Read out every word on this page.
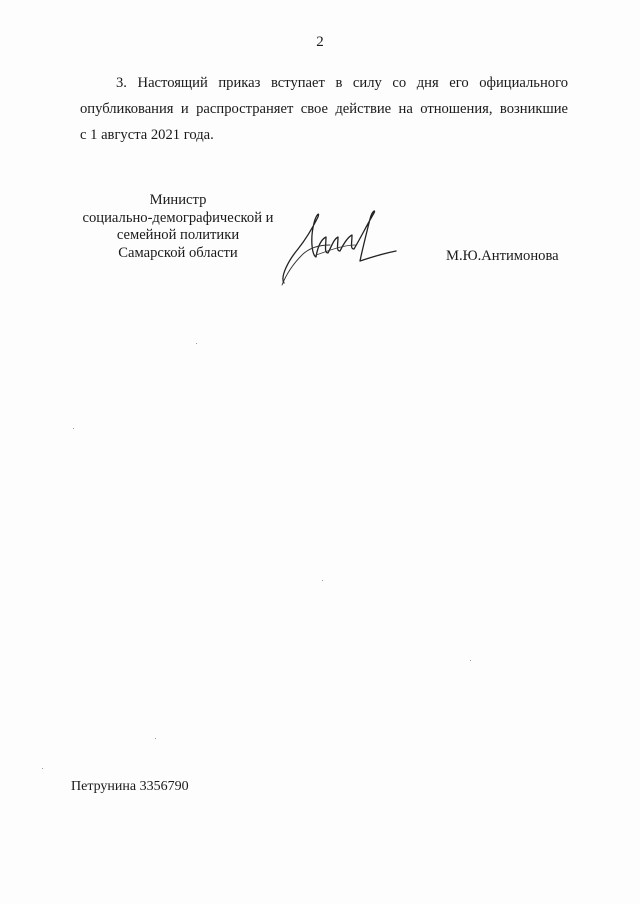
2
3. Настоящий приказ вступает в силу со дня его официального
опубликования и распространяет свое действие на отношения, возникшие
с 1 августа 2021 года.
Министр
социально-демографической и
семейной политики
Самарской области	М.Ю.Антимонова
Петрунина 3356790
